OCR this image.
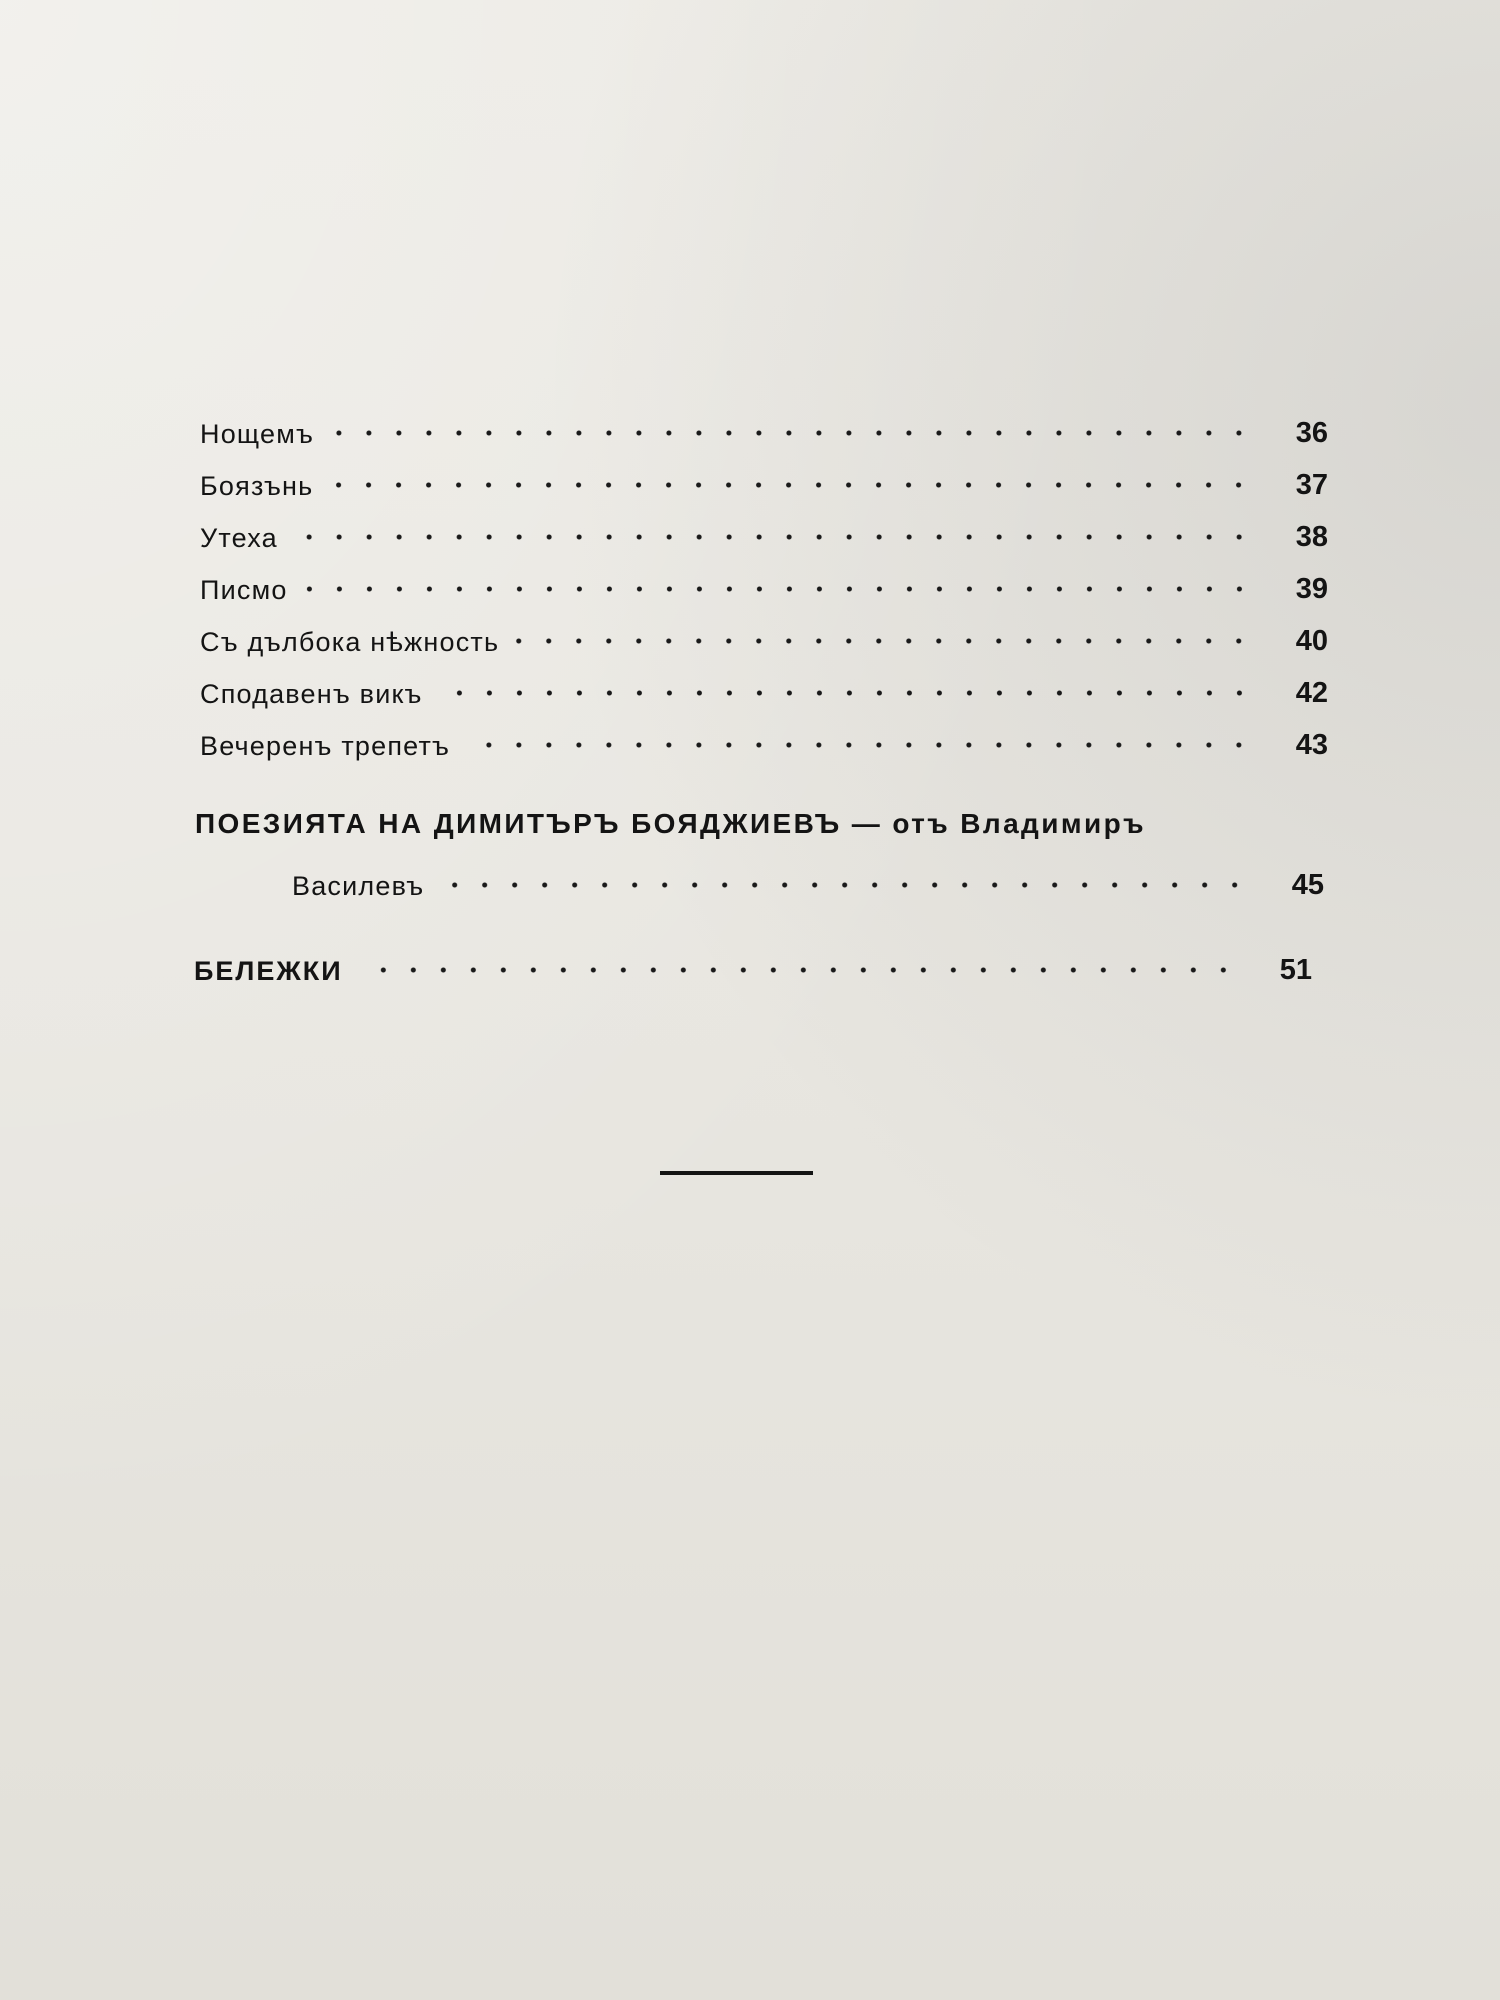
Нощемъ	36
Боязънь	37
Утеха	38
Писмо	39
Съ дълбока нѣжность	40
Сподавенъ викъ	42
Вечеренъ трепетъ	43
ПОЕЗИЯТА НА ДИМИТЪРЪ БОЯДЖИЕВЪ — отъ Владимиръ
Василевъ	45
БЕЛЕЖКИ	51
